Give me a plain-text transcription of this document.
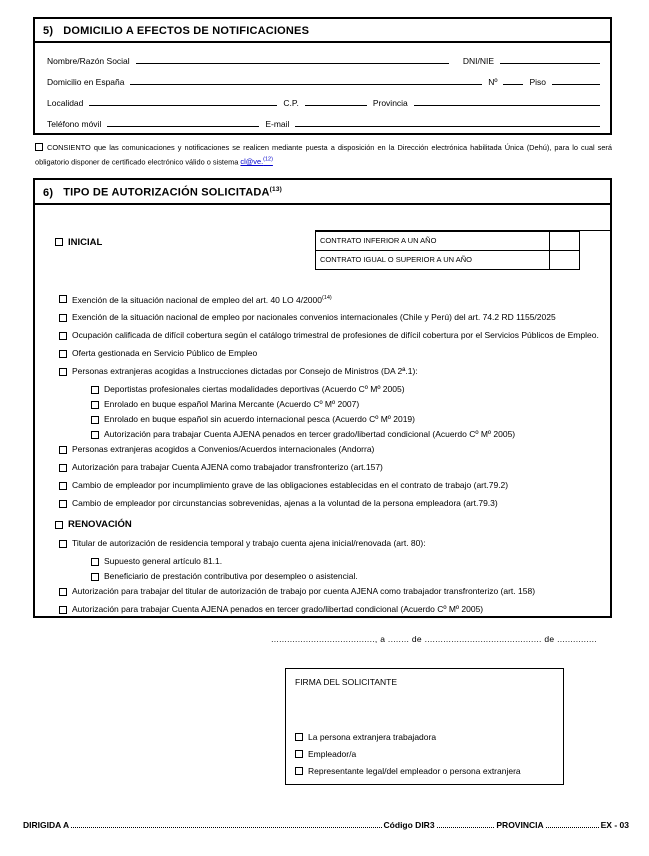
5) DOMICILIO A EFECTOS DE NOTIFICACIONES
Nombre/Razón Social	DNI/NIE
Domicilio en España	Nº	Piso
Localidad	C.P.	Provincia
Teléfono móvil	E-mail
CONSIENTO que las comunicaciones y notificaciones se realicen mediante puesta a disposición en la Dirección electrónica habilitada Única (Dehú), para lo cual será obligatorio disponer de certificado electrónico válido o sistema cl@ve.$^{(12)}$
6) TIPO DE AUTORIZACIÓN SOLICITADA$^{(13)}$
INICIAL	CONTRATO INFERIOR A UN AÑO	
CONTRATO IGUAL O SUPERIOR A UN AÑO	
Exención de la situación nacional de empleo del art. 40 LO 4/2000$^{(14)}$
Exención de la situación nacional de empleo por nacionales convenios internacionales (Chile y Perú) del art. 74.2 RD 1155/2025
Ocupación calificada de difícil cobertura según el catálogo trimestral de profesiones de difícil cobertura por el Servicios Públicos de Empleo.
Oferta gestionada en Servicio Público de Empleo
Personas extranjeras acogidas a Instrucciones dictadas por Consejo de Ministros (DA 2ª.1):
Deportistas profesionales ciertas modalidades deportivas (Acuerdo Cº Mº 2005)
Enrolado en buque español Marina Mercante (Acuerdo Cº Mº 2007)
Enrolado en buque español sin acuerdo internacional pesca (Acuerdo Cº Mº 2019)
Autorización para trabajar Cuenta AJENA penados en tercer grado/libertad condicional (Acuerdo Cº Mº 2005)
Personas extranjeras acogidos a Convenios/Acuerdos internacionales (Andorra)
Autorización para trabajar Cuenta AJENA como trabajador transfronterizo (art.157)
Cambio de empleador por incumplimiento grave de las obligaciones establecidas en el contrato de trabajo (art.79.2)
Cambio de empleador por circunstancias sobrevenidas, ajenas a la voluntad de la persona empleadora (art.79.3)
RENOVACIÓN
Titular de autorización de residencia temporal y trabajo cuenta ajena inicial/renovada (art. 80):
Supuesto general artículo 81.1.
Beneficiario de prestación contributiva por desempleo o asistencial.
Autorización para trabajar del titular de autorización de trabajo por cuenta AJENA como trabajador transfronterizo (art. 158)
Autorización para trabajar Cuenta AJENA penados en tercer grado/libertad condicional (Acuerdo Cº Mº 2005)
......................................., a ........ de ............................................ de ...............
FIRMA DEL SOLICITANTE
La persona extranjera trabajadora
Empleador/a
Representante legal/del empleador o persona extranjera
DIRIGIDA A	Código DIR3	PROVINCIA	EX - 03
